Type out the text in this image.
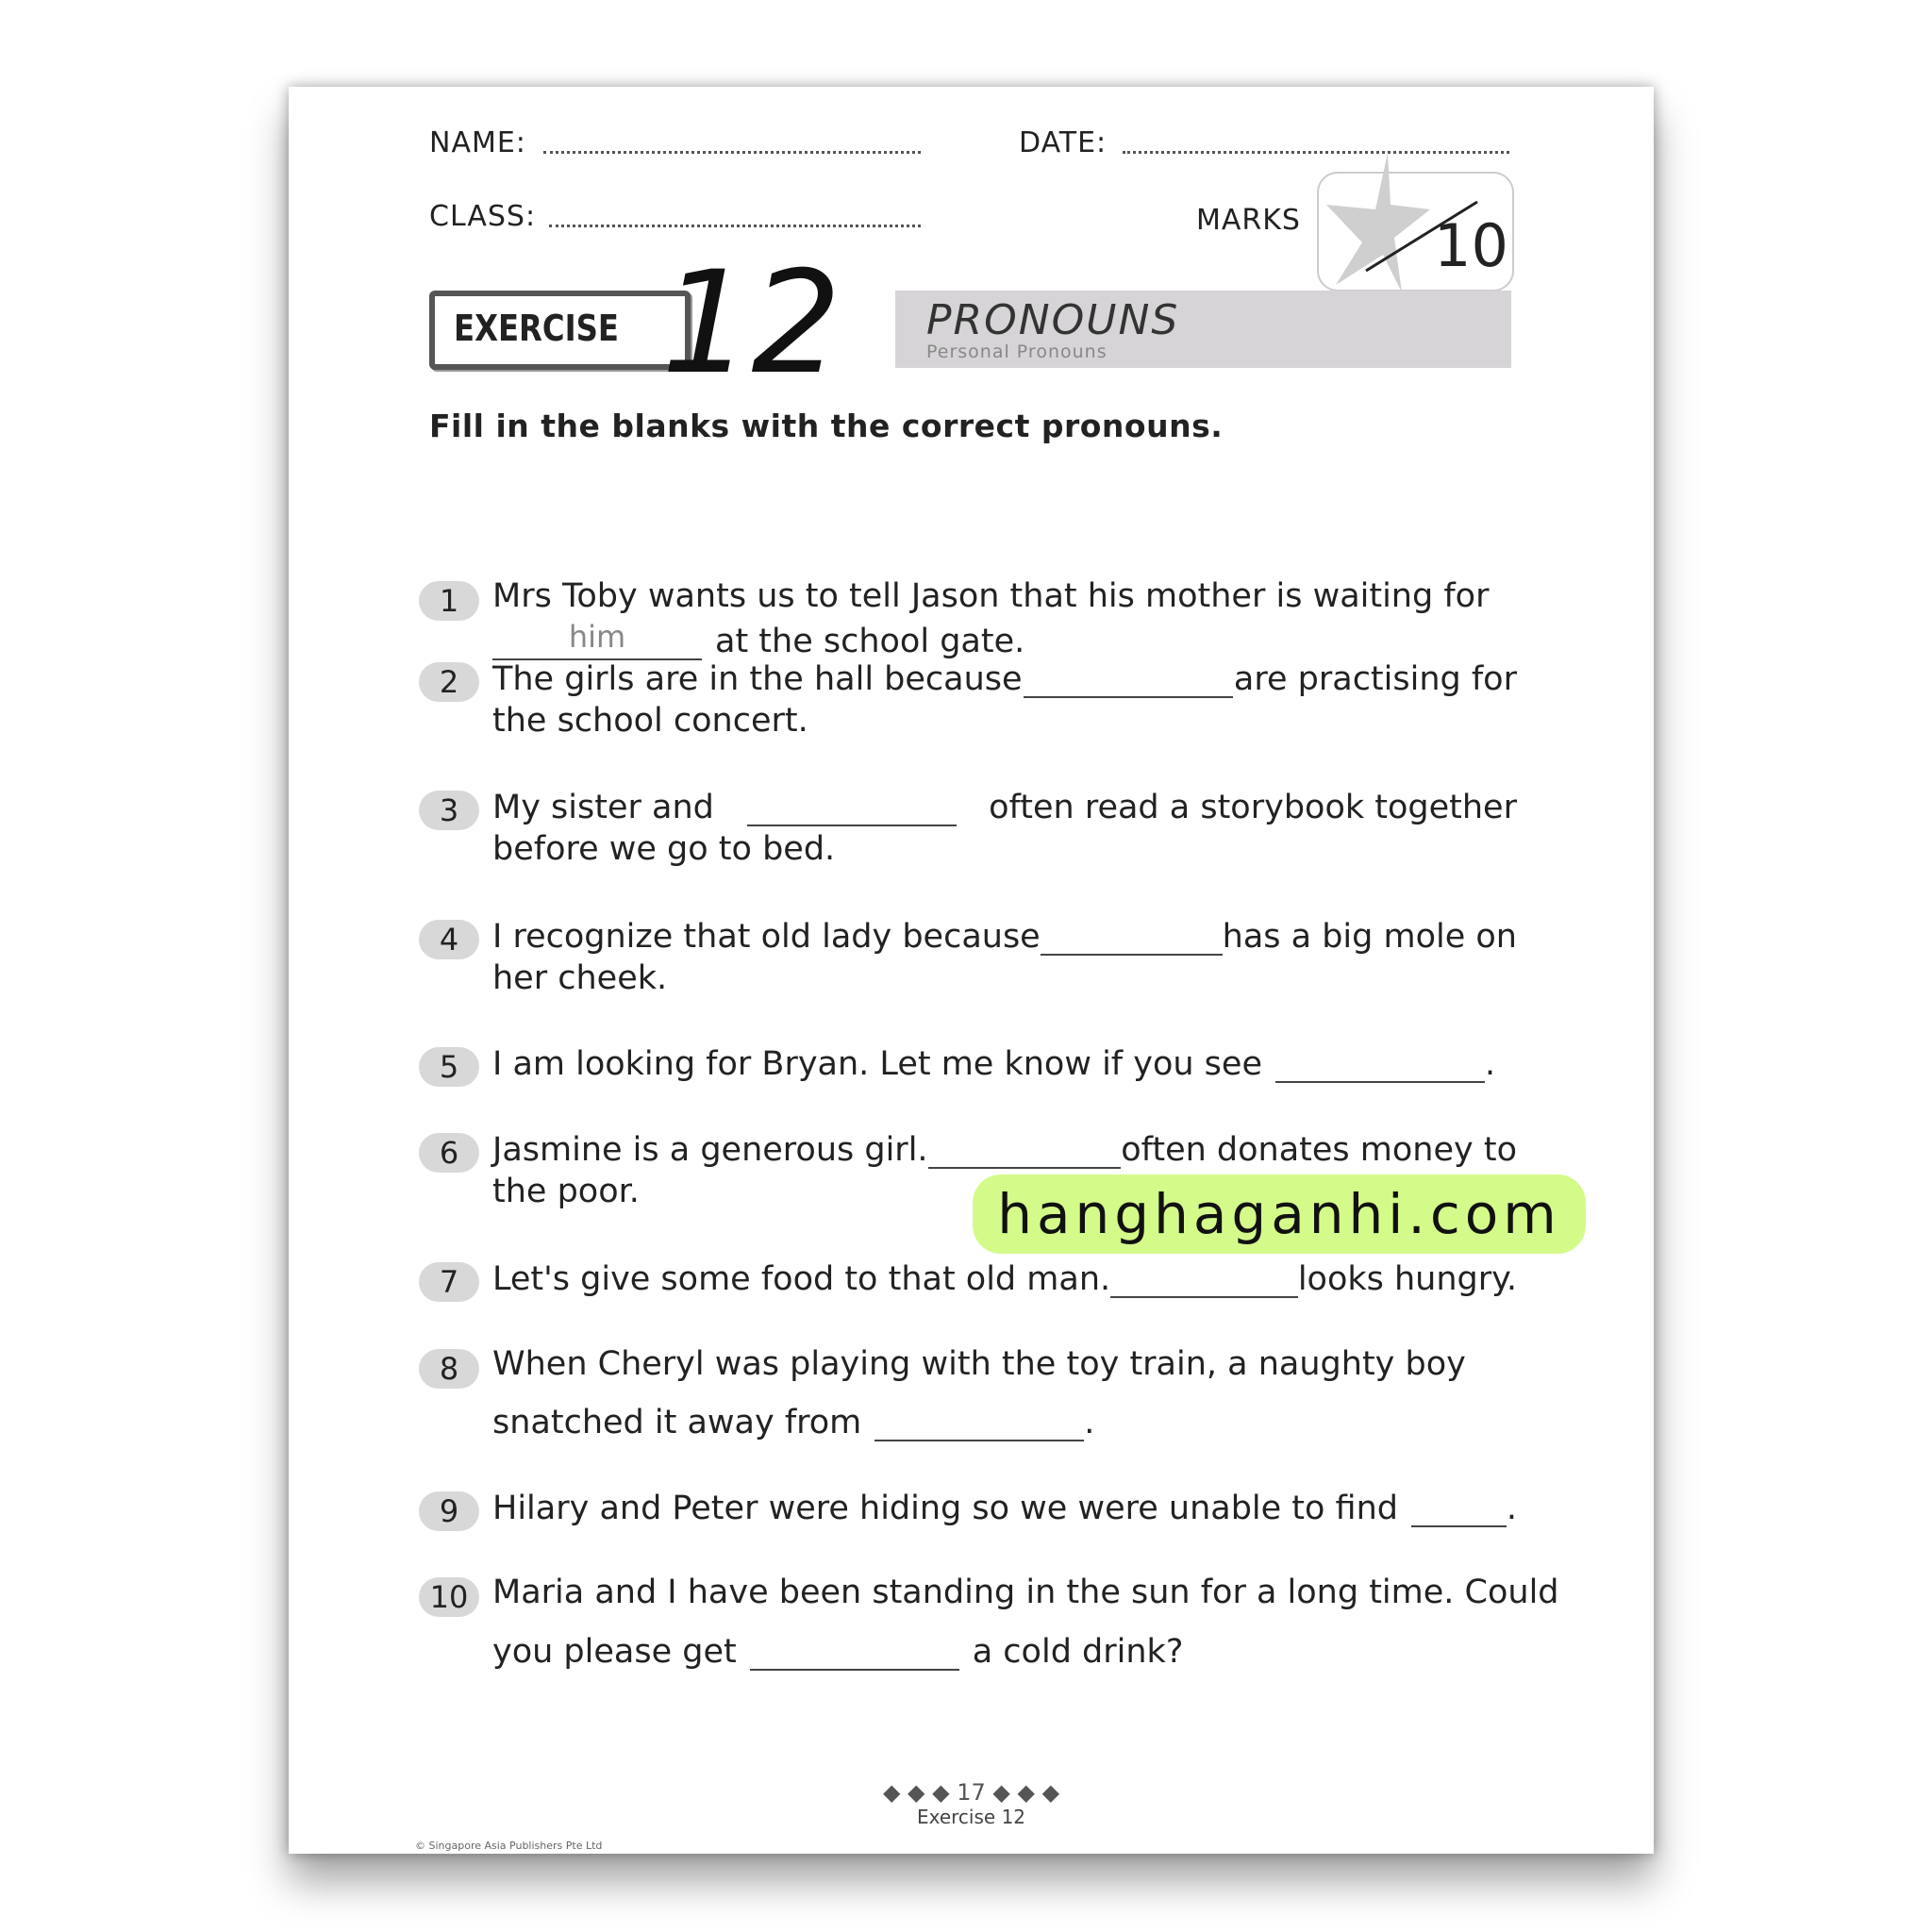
NAME:	DATE:
CLASS:	MARKS 10
EXERCISE 12 PRONOUNS
Personal Pronouns
Fill in the blanks with the correct pronouns.
1	Mrs Toby wants us to tell Jason that his mother is waiting for
him	at the school gate.
2	The girls are in the hall because	are practising for
the school concert.
3	My sister and	often read a storybook together
before we go to bed.
4	I recognize that old lady because	has a big mole on
her cheek.
5	I am looking for Bryan. Let me know if you see	.
6	Jasmine is a generous girl.	often donates money to
the poor.
7	Let's give some food to that old man.	looks hungry.
8	When Cheryl was playing with the toy train, a naughty boy
snatched it away from	.
9	Hilary and Peter were hiding so we were unable to find	.
10 Maria and I have been standing in the sun for a long time. Could
you please get	a cold drink?
◆ ◆ ◆ 17 ◆ ◆ ◆
Exercise 12
© Singapore Asia Publishers Pte Ltd
hanghaganhi.com
